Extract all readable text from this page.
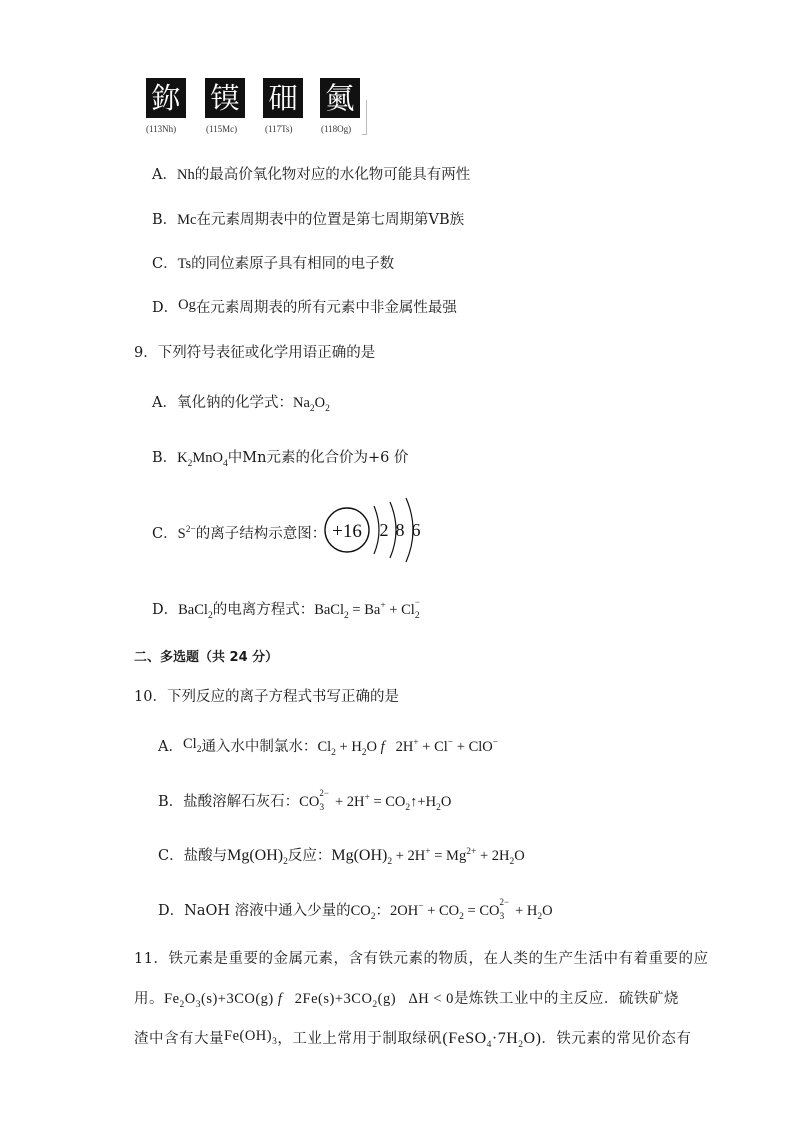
鉨 镆 鿬 鿫
(113Nh)	(115Mc)	(117Ts)	(118Og)
A．Nh的最高价氧化物对应的水化物可能具有两性
B．Mc在元素周期表中的位置是第七周期第VB族
C．Ts的同位素原子具有相同的电子数
D．Og在元素周期表的所有元素中非金属性最强
9．下列符号表征或化学用语正确的是
A．氧化钠的化学式：$Na_2O_2$
B．$K_2MnO_4$中Mn元素的化合价为+6 价
C．$S^{2-}$的离子结构示意图： +16 2 8 6
D．BaCl$_2$的电离方程式：BaCl$_2$ = Ba+ + Cl
$_{- 2}$
二、多选题（共 24 分）
10．下列反应的离子方程式书写正确的是
A．$Cl_2$通入水中制氯水：$Cl_2 + H_2O$ f   2H+ + Cl− + ClO−
B．盐酸溶解石灰石：CO
$_{2- 3} + 2H^+ = CO_2↑+H_2O$
C．盐酸与$Mg(OH)_2$反应：$Mg(OH)_2 + 2H^+ = Mg^{2+} + 2H_2O$
D．NaOH 溶液中通入少量的$CO_2$：$2OH^- + CO_2$ = CO
$_{2- 3} + H_2O$
11．铁元素是重要的金属元素，含有铁元素的物质，在人类的生产生活中有着重要的应
用。$Fe_2O_3(s)+3CO(g)$ f   $2Fe(s)+3CO_2(g) \Delta H < 0$是炼铁工业中的主反应．硫铁矿烧
渣中含有大量$Fe(OH)_3$，工业上常用于制取绿矾$(FeSO_4\cdot 7H_2O)$．铁元素的常见价态有
